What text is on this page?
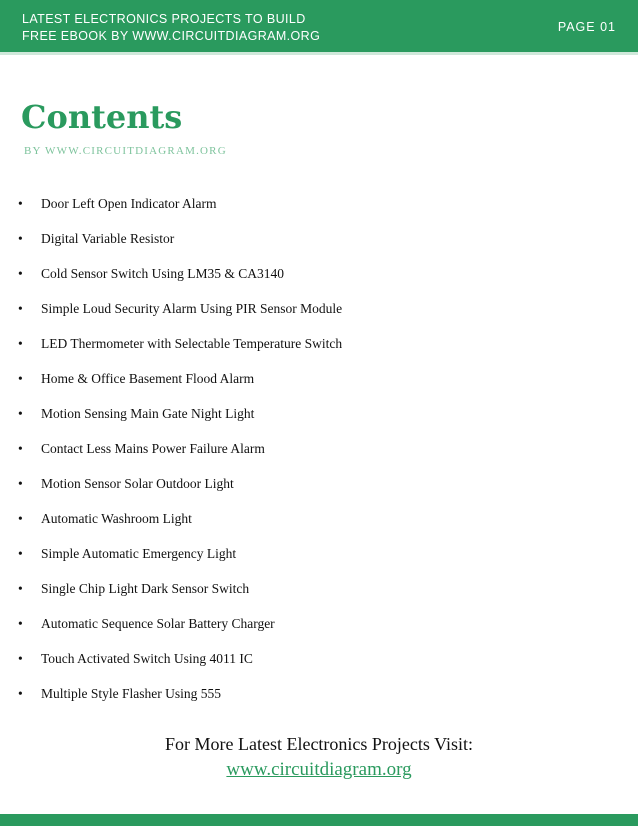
LATEST ELECTRONICS PROJECTS TO BUILD
FREE EBOOK BY WWW.CIRCUITDIAGRAM.ORG

PAGE 01
Contents
BY WWW.CIRCUITDIAGRAM.ORG
• Door Left Open Indicator Alarm
• Digital Variable Resistor
• Cold Sensor Switch Using LM35 & CA3140
• Simple Loud Security Alarm Using PIR Sensor Module
• LED Thermometer with Selectable Temperature Switch
• Home & Office Basement Flood Alarm
• Motion Sensing Main Gate Night Light
• Contact Less Mains Power Failure Alarm
• Motion Sensor Solar Outdoor Light
• Automatic Washroom Light
• Simple Automatic Emergency Light
• Single Chip Light Dark Sensor Switch
• Automatic Sequence Solar Battery Charger
• Touch Activated Switch Using 4011 IC
• Multiple Style Flasher Using 555
For More Latest Electronics Projects Visit:
www.circuitdiagram.org
